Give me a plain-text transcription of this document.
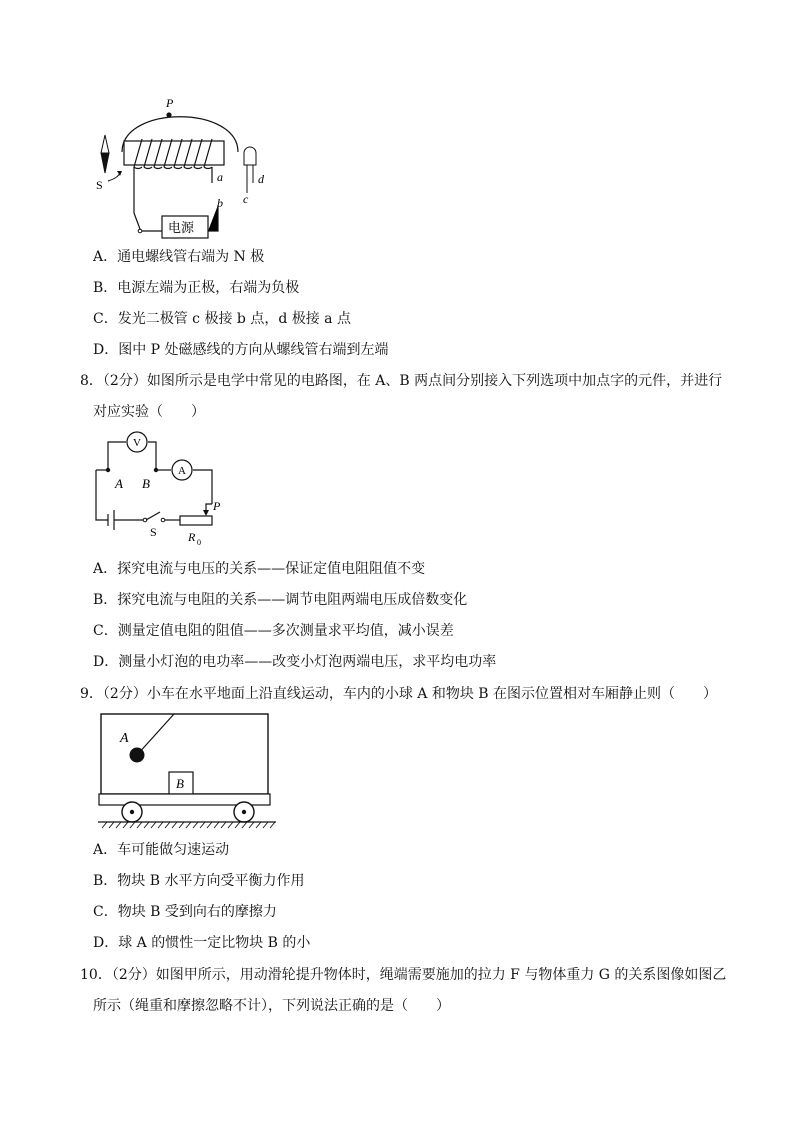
P
S
电源
a
b
d
c
A．通电螺线管右端为 N 极
B．电源左端为正极，右端为负极
C．发光二极管 c 极接 b 点，d 极接 a 点
D．图中 P 处磁感线的方向从螺线管右端到左端
8．（2分）如图所示是电学中常见的电路图，在 A、B 两点间分别接入下列选项中加点字的元件，并进行
对应实验（　　）
V
A B
A
P
S	R 0
A．探究电流与电压的关系——保证定值电阻阻值不变
B．探究电流与电阻的关系——调节电阻两端电压成倍数变化
C．测量定值电阻的阻值——多次测量求平均值，减小误差
D．测量小灯泡的电功率——改变小灯泡两端电压，求平均电功率
9．（2分）小车在水平地面上沿直线运动，车内的小球 A 和物块 B 在图示位置相对车厢静止则（　　）
A
B
A．车可能做匀速运动
B．物块 B 水平方向受平衡力作用
C．物块 B 受到向右的摩擦力
D．球 A 的惯性一定比物块 B 的小
10．（2分）如图甲所示，用动滑轮提升物体时，绳端需要施加的拉力 F 与物体重力 G 的关系图像如图乙
所示（绳重和摩擦忽略不计），下列说法正确的是（　　）
